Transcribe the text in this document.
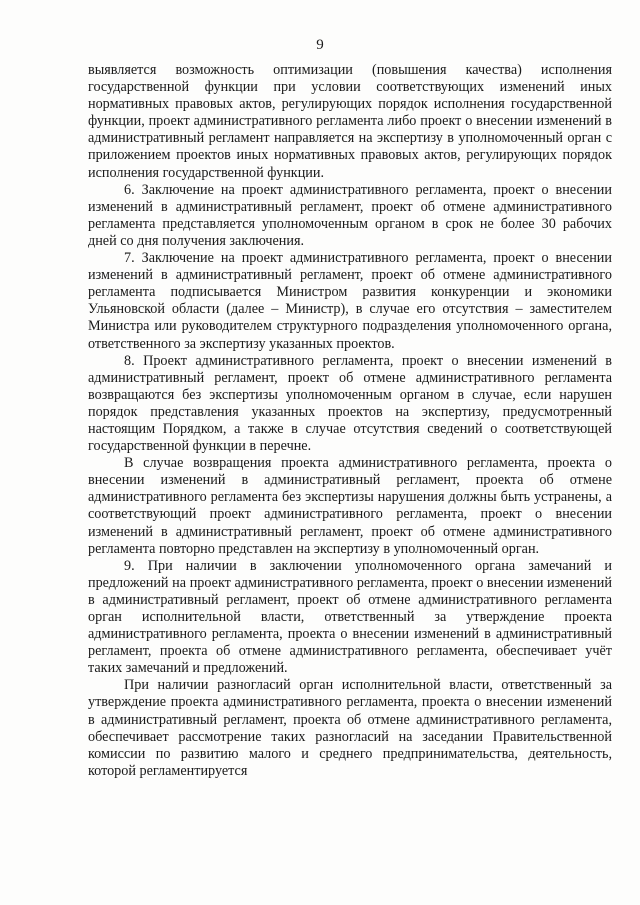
9

выявляется возможность оптимизации (повышения качества) исполнения государственной функции при условии соответствующих изменений иных нормативных правовых актов, регулирующих порядок исполнения государственной функции, проект административного регламента либо проект о внесении изменений в административный регламент направляется на экспертизу в уполномоченный орган с приложением проектов иных нормативных правовых актов, регулирующих порядок исполнения государственной функции.

6. Заключение на проект административного регламента, проект о внесении изменений в административный регламент, проект об отмене административного регламента представляется уполномоченным органом в срок не более 30 рабочих дней со дня получения заключения.

7. Заключение на проект административного регламента, проект о внесении изменений в административный регламент, проект об отмене административного регламента подписывается Министром развития конкуренции и экономики Ульяновской области (далее – Министр), в случае его отсутствия – заместителем Министра или руководителем структурного подразделения уполномоченного органа, ответственного за экспертизу указанных проектов.

8. Проект административного регламента, проект о внесении изменений в административный регламент, проект об отмене административного регламента возвращаются без экспертизы уполномоченным органом в случае, если нарушен порядок представления указанных проектов на экспертизу, предусмотренный настоящим Порядком, а также в случае отсутствия сведений о соответствующей государственной функции в перечне.

В случае возвращения проекта административного регламента, проекта о внесении изменений в административный регламент, проекта об отмене административного регламента без экспертизы нарушения должны быть устранены, а соответствующий проект административного регламента, проект о внесении изменений в административный регламент, проект об отмене административного регламента повторно представлен на экспертизу в уполномоченный орган.

9. При наличии в заключении уполномоченного органа замечаний и предложений на проект административного регламента, проект о внесении изменений в административный регламент, проект об отмене административного регламента орган исполнительной власти, ответственный за утверждение проекта административного регламента, проекта о внесении изменений в административный регламент, проекта об отмене административного регламента, обеспечивает учёт таких замечаний и предложений.

При наличии разногласий орган исполнительной власти, ответственный за утверждение проекта административного регламента, проекта о внесении изменений в административный регламент, проекта об отмене административного регламента, обеспечивает рассмотрение таких разногласий на заседании Правительственной комиссии по развитию малого и среднего предпринимательства, деятельность, которой регламентируется
